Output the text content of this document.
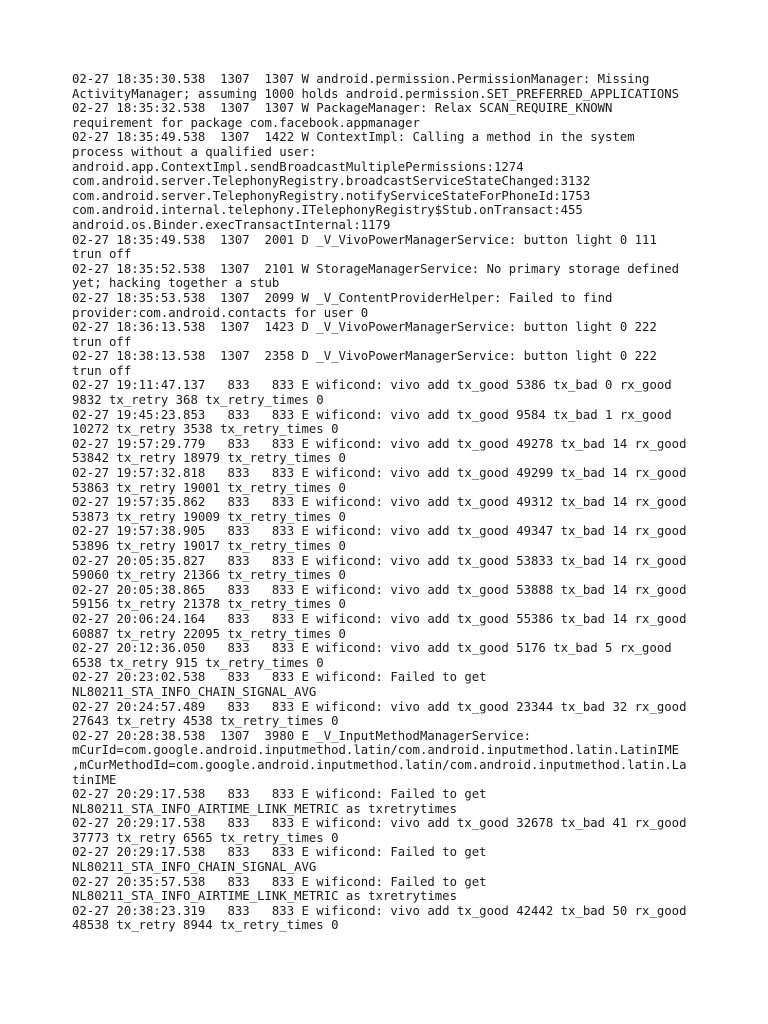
02-27 18:35:30.538  1307  1307 W android.permission.PermissionManager: Missing
ActivityManager; assuming 1000 holds android.permission.SET_PREFERRED_APPLICATIONS
02-27 18:35:32.538  1307  1307 W PackageManager: Relax SCAN_REQUIRE_KNOWN
requirement for package com.facebook.appmanager
02-27 18:35:49.538  1307  1422 W ContextImpl: Calling a method in the system
process without a qualified user:
android.app.ContextImpl.sendBroadcastMultiplePermissions:1274
com.android.server.TelephonyRegistry.broadcastServiceStateChanged:3132
com.android.server.TelephonyRegistry.notifyServiceStateForPhoneId:1753
com.android.internal.telephony.ITelephonyRegistry$Stub.onTransact:455
android.os.Binder.execTransactInternal:1179
02-27 18:35:49.538  1307  2001 D _V_VivoPowerManagerService: button light 0 111
trun off
02-27 18:35:52.538  1307  2101 W StorageManagerService: No primary storage defined
yet; hacking together a stub
02-27 18:35:53.538  1307  2099 W _V_ContentProviderHelper: Failed to find
provider:com.android.contacts for user 0
02-27 18:36:13.538  1307  1423 D _V_VivoPowerManagerService: button light 0 222
trun off
02-27 18:38:13.538  1307  2358 D _V_VivoPowerManagerService: button light 0 222
trun off
02-27 19:11:47.137   833   833 E wificond: vivo add tx_good 5386 tx_bad 0 rx_good
9832 tx_retry 368 tx_retry_times 0
02-27 19:45:23.853   833   833 E wificond: vivo add tx_good 9584 tx_bad 1 rx_good
10272 tx_retry 3538 tx_retry_times 0
02-27 19:57:29.779   833   833 E wificond: vivo add tx_good 49278 tx_bad 14 rx_good
53842 tx_retry 18979 tx_retry_times 0
02-27 19:57:32.818   833   833 E wificond: vivo add tx_good 49299 tx_bad 14 rx_good
53863 tx_retry 19001 tx_retry_times 0
02-27 19:57:35.862   833   833 E wificond: vivo add tx_good 49312 tx_bad 14 rx_good
53873 tx_retry 19009 tx_retry_times 0
02-27 19:57:38.905   833   833 E wificond: vivo add tx_good 49347 tx_bad 14 rx_good
53896 tx_retry 19017 tx_retry_times 0
02-27 20:05:35.827   833   833 E wificond: vivo add tx_good 53833 tx_bad 14 rx_good
59060 tx_retry 21366 tx_retry_times 0
02-27 20:05:38.865   833   833 E wificond: vivo add tx_good 53888 tx_bad 14 rx_good
59156 tx_retry 21378 tx_retry_times 0
02-27 20:06:24.164   833   833 E wificond: vivo add tx_good 55386 tx_bad 14 rx_good
60887 tx_retry 22095 tx_retry_times 0
02-27 20:12:36.050   833   833 E wificond: vivo add tx_good 5176 tx_bad 5 rx_good
6538 tx_retry 915 tx_retry_times 0
02-27 20:23:02.538   833   833 E wificond: Failed to get
NL80211_STA_INFO_CHAIN_SIGNAL_AVG
02-27 20:24:57.489   833   833 E wificond: vivo add tx_good 23344 tx_bad 32 rx_good
27643 tx_retry 4538 tx_retry_times 0
02-27 20:28:38.538  1307  3980 E _V_InputMethodManagerService:
mCurId=com.google.android.inputmethod.latin/com.android.inputmethod.latin.LatinIME
,mCurMethodId=com.google.android.inputmethod.latin/com.android.inputmethod.latin.La
tinIME
02-27 20:29:17.538   833   833 E wificond: Failed to get
NL80211_STA_INFO_AIRTIME_LINK_METRIC as txretrytimes
02-27 20:29:17.538   833   833 E wificond: vivo add tx_good 32678 tx_bad 41 rx_good
37773 tx_retry 6565 tx_retry_times 0
02-27 20:29:17.538   833   833 E wificond: Failed to get
NL80211_STA_INFO_CHAIN_SIGNAL_AVG
02-27 20:35:57.538   833   833 E wificond: Failed to get
NL80211_STA_INFO_AIRTIME_LINK_METRIC as txretrytimes
02-27 20:38:23.319   833   833 E wificond: vivo add tx_good 42442 tx_bad 50 rx_good
48538 tx_retry 8944 tx_retry_times 0
